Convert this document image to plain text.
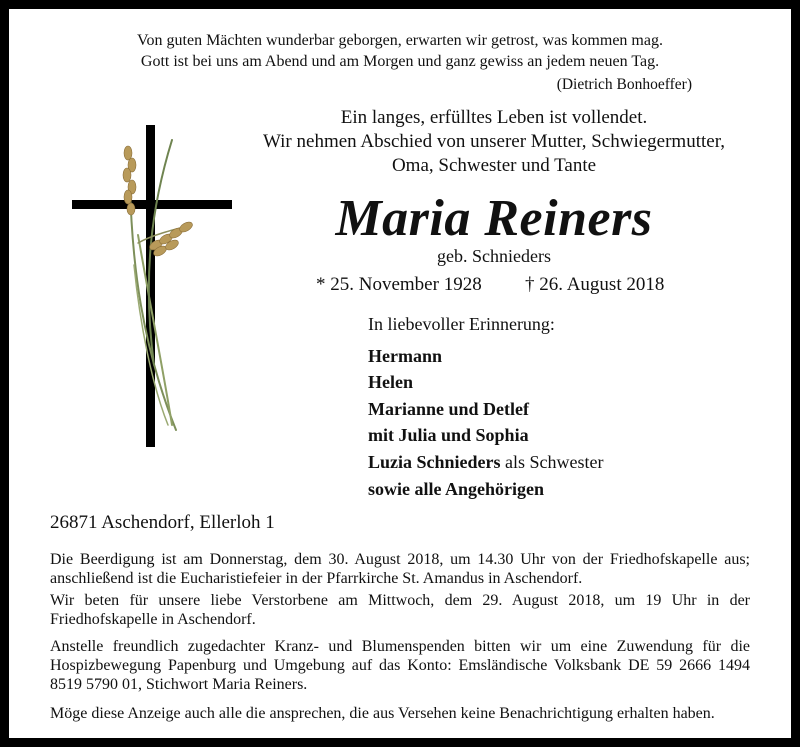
Von guten Mächten wunderbar geborgen, erwarten wir getrost, was kommen mag.
Gott ist bei uns am Abend und am Morgen und ganz gewiss an jedem neuen Tag.
(Dietrich Bonhoeffer)
Ein langes, erfülltes Leben ist vollendet.
Wir nehmen Abschied von unserer Mutter, Schwiegermutter,
Oma, Schwester und Tante
Maria Reiners
geb. Schnieders
* 25. November 1928 † 26. August 2018
In liebevoller Erinnerung:
Hermann
Helen
Marianne und Detlef
mit Julia und Sophia
Luzia Schnieders als Schwester
sowie alle Angehörigen
26871 Aschendorf, Ellerloh 1
Die Beerdigung ist am Donnerstag, dem 30. August 2018, um 14.30 Uhr von der Friedhofskapelle aus; anschließend ist die Eucharistiefeier in der Pfarrkirche St. Amandus in Aschendorf.
Wir beten für unsere liebe Verstorbene am Mittwoch, dem 29. August 2018, um 19 Uhr in der Friedhofskapelle in Aschendorf.
Anstelle freundlich zugedachter Kranz- und Blumenspenden bitten wir um eine Zuwendung für die Hospizbewegung Papenburg und Umgebung auf das Konto: Emsländische Volksbank DE 59 2666 1494 8519 5790 01, Stichwort Maria Reiners.
Möge diese Anzeige auch alle die ansprechen, die aus Versehen keine Benachrichtigung erhalten haben.
